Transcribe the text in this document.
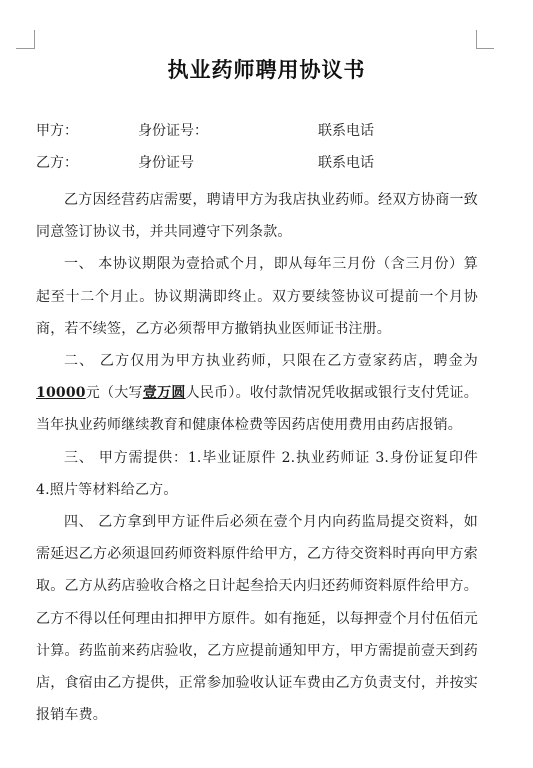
执业药师聘用协议书
甲方：	身份证号：	联系电话
乙方：	身份证号	联系电话

乙方因经营药店需要，聘请甲方为我店执业药师。经双方协商一致同意签订协议书，并共同遵守下列条款。

一、 本协议期限为壹拾贰个月，即从每年三月份（含三月份）算起至十二个月止。协议期满即终止。双方要续签协议可提前一个月协商，若不续签，乙方必须帮甲方撤销执业医师证书注册。

二、 乙方仅用为甲方执业药师，只限在乙方壹家药店，聘金为10000元（大写壹万圆人民币）。收付款情况凭收据或银行支付凭证。当年执业药师继续教育和健康体检费等因药店使用费用由药店报销。

三、 甲方需提供：1.毕业证原件 2.执业药师证 3.身份证复印件 4.照片等材料给乙方。

四、 乙方拿到甲方证件后必须在壹个月内向药监局提交资料，如需延迟乙方必须退回药师资料原件给甲方，乙方待交资料时再向甲方索取。乙方从药店验收合格之日计起叁拾天内归还药师资料原件给甲方。乙方不得以任何理由扣押甲方原件。如有拖延，以每押壹个月付伍佰元计算。药监前来药店验收，乙方应提前通知甲方，甲方需提前壹天到药店，食宿由乙方提供，正常参加验收认证车费由乙方负责支付，并按实报销车费。
